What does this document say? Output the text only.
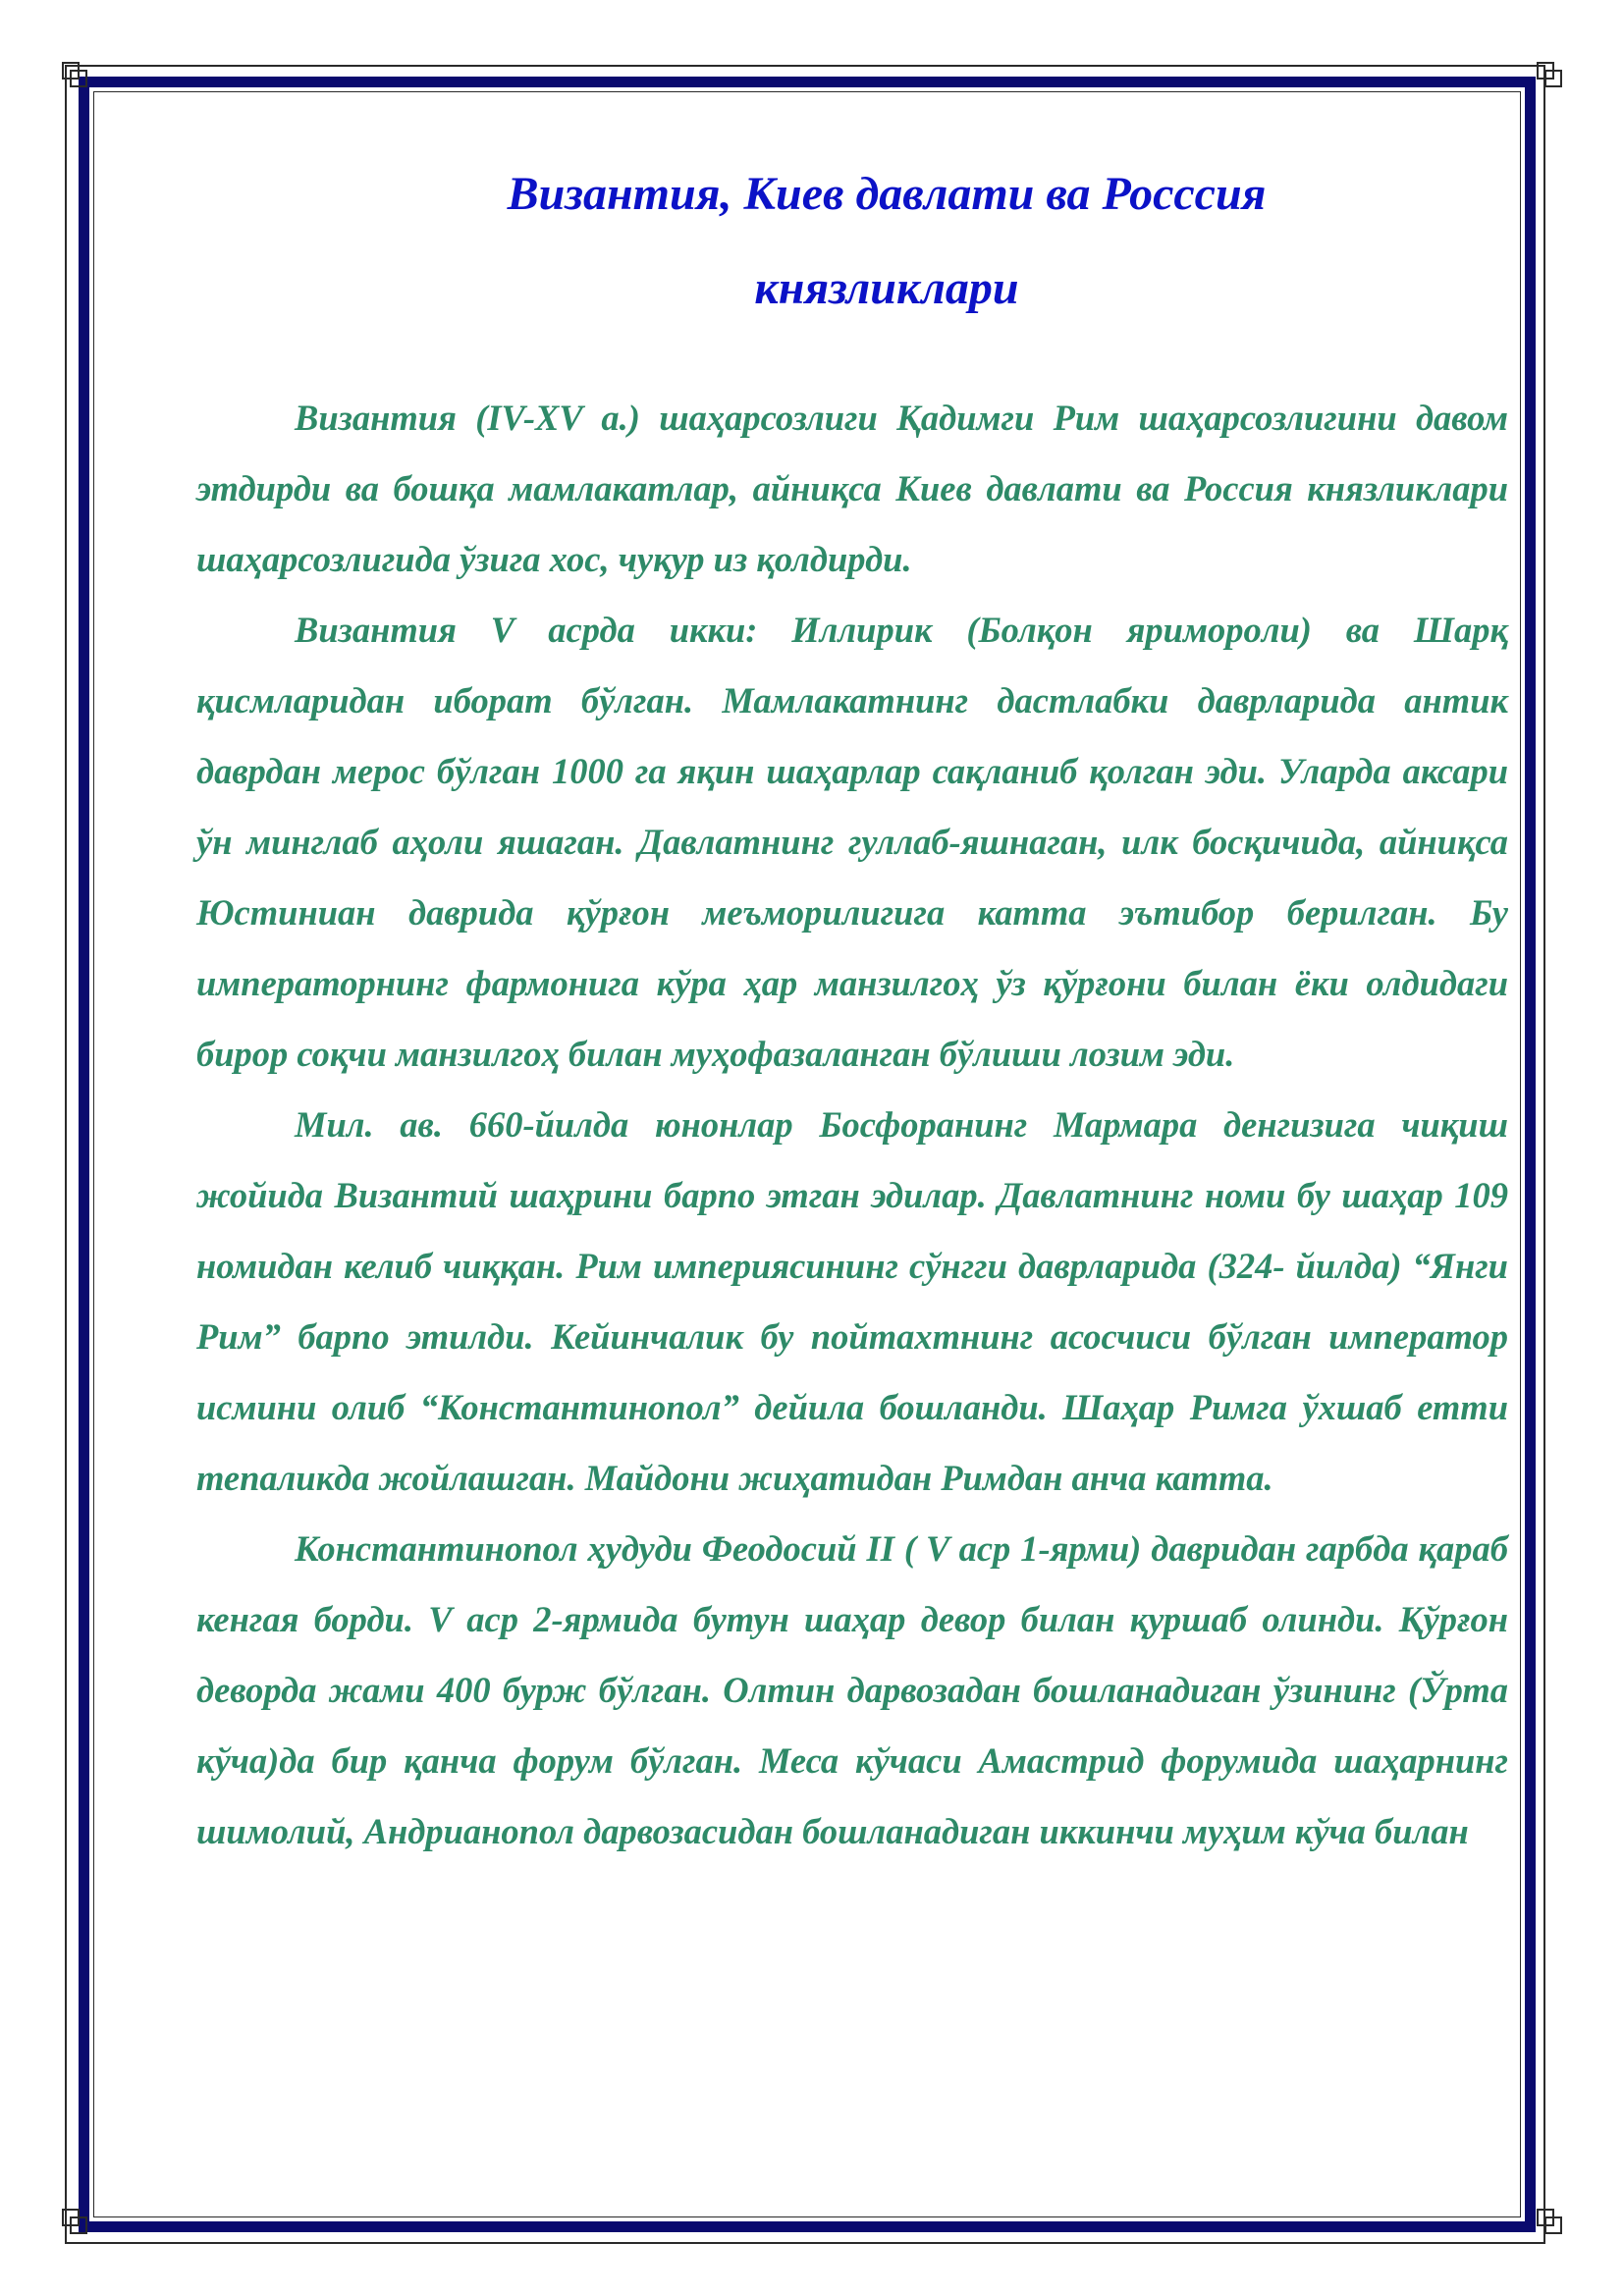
Византия, Киев давлати ва Росссия
князликлари

Византия (IV-XV а.) шаҳарсозлиги Қадимги Рим шаҳарсозлигини давом этдирди ва бошқа мамлакатлар, айниқса Киев давлати ва Россия князликлари шаҳарсозлигида ўзига хос, чуқур из қолдирди.

Византия V асрда икки: Иллирик (Болқон яриморoли) ва Шарқ қисмларидан иборат бўлган. Мамлакатнинг дастлабки даврларида антик даврдан мерос бўлган 1000 га яқин шаҳарлар сақланиб қолган эди. Уларда аксари ўн минглаб аҳоли яшаган. Давлатнинг гуллаб-яшнаган, илк босқичида, айниқса Юстиниан даврида қўрғон меъморилигига катта эътибор берилган. Бу императорнинг фармонига кўра ҳар манзилгоҳ ўз қўрғони билан ёки олдидаги бирор соқчи манзилгоҳ билан муҳофазаланган бўлиши лозим эди.

Мил. ав. 660-йилда юнонлар Босфоранинг Мармара денгизига чиқиш жойида Византий шаҳрини барпо этган эдилар. Давлатнинг номи бу шаҳар 109 номидан келиб чиққан. Рим империясининг сўнгги даврларида (324- йилда) “Янги Рим” барпо этилди. Кейинчалик бу пойтахтнинг асосчиси бўлган император исмини олиб “Константинопол” дейила бошланди. Шаҳар Римга ўхшаб етти тепаликда жойлашган. Майдони жиҳатидан Римдан анча катта.

Константинопол ҳудуди Феодосий II ( V аср 1-ярми) давридан гарбда қараб кенгая борди. V аср 2-ярмида бутун шаҳар девор билан қуршаб олинди. Қўрғон деворда жами 400 бурж бўлган. Олтин дарвозадан бошланадиган ўзининг (Ўрта кўча)да бир қанча форум бўлган. Меса кўчаси Амастрид форумида шаҳарнинг шимолий, Андрианопол дарвозасидан бошланадиган иккинчи муҳим кўча билан
